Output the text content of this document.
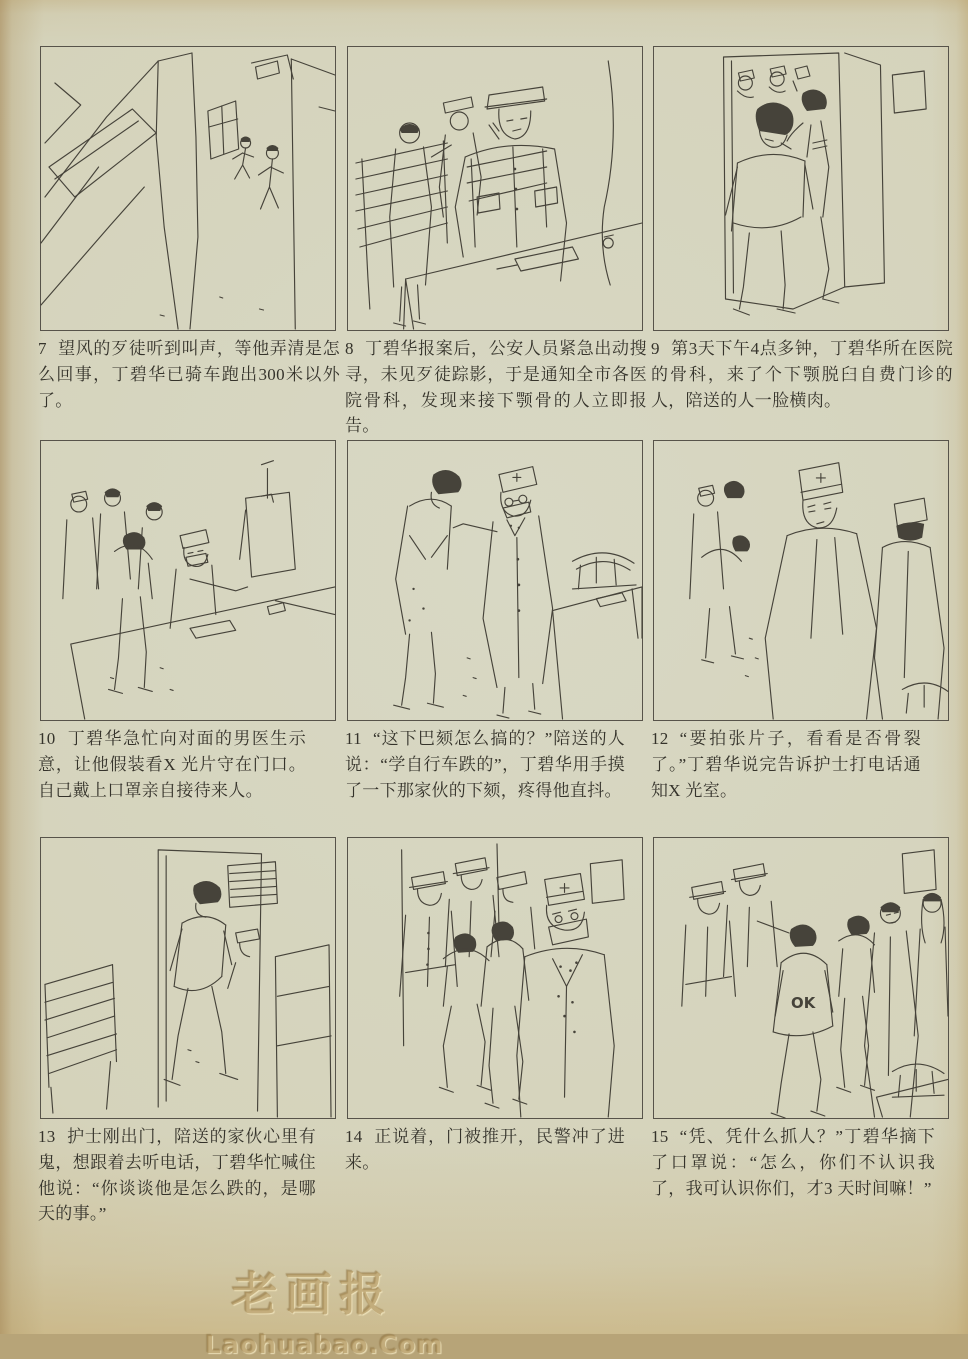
7 望风的歹徒听到叫声，等他弄清是怎么回事，丁碧华已骑车跑出300米以外了。
8 丁碧华报案后，公安人员紧急出动搜寻，未见歹徒踪影，于是通知全市各医院骨科，发现来接下颚骨的人立即报告。
9 第3天下午4点多钟，丁碧华所在医院的骨科，来了个下颚脱臼自费门诊的人，陪送的人一脸横肉。
10 丁碧华急忙向对面的男医生示意，让他假装看X 光片守在门口。自己戴上口罩亲自接待来人。
11 “这下巴颏怎么搞的？”陪送的人说：“学自行车跌的”，丁碧华用手摸了一下那家伙的下颏，疼得他直抖。
12 “要拍张片子，看看是否骨裂了。”丁碧华说完告诉护士打电话通知X 光室。
13 护士刚出门，陪送的家伙心里有鬼，想跟着去听电话，丁碧华忙喊住他说：“你谈谈他是怎么跌的，是哪天的事。”
14 正说着，门被推开，民警冲了进来。
OK
15 “凭、凭什么抓人？”丁碧华摘下了口罩说：“怎么，你们不认识我了，我可认识你们，才3 天时间嘛！”
老画报
Laohuabao.Com
